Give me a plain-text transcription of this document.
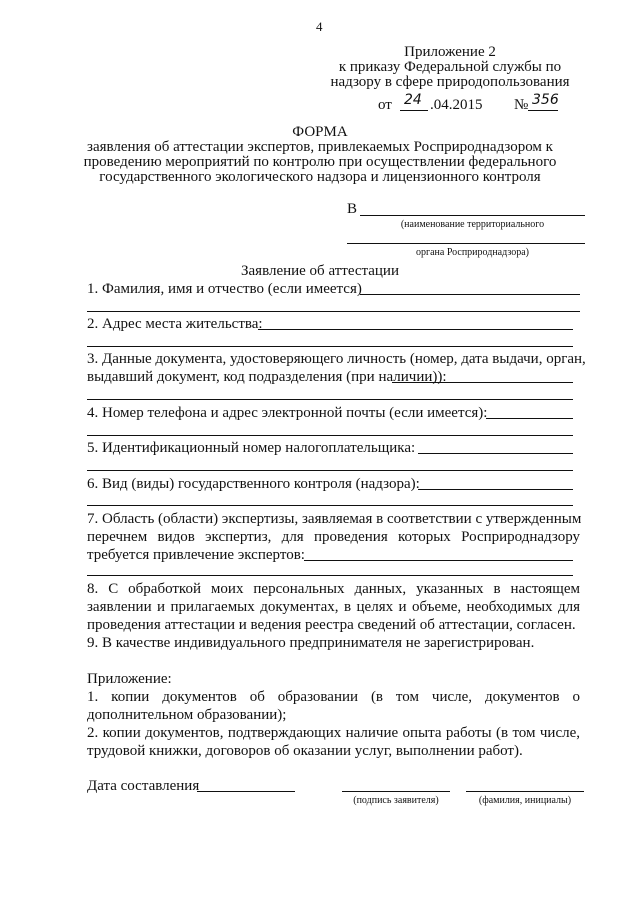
4
Приложение 2
к приказу Федеральной службы по
надзору в сфере природопользования
от 24 .04.2015 № 356
ФОРМА
заявления об аттестации экспертов, привлекаемых Росприроднадзором к
проведению мероприятий по контролю при осуществлении федерального
государственного экологического надзора и лицензионного контроля
В
(наименование территориального
органа Росприроднадзора)
Заявление об аттестации
1. Фамилия, имя и отчество (если имеется)
2. Адрес места жительства:
3. Данные документа, удостоверяющего личность (номер, дата выдачи, орган,
выдавший документ, код подразделения (при наличии)):
4. Номер телефона и адрес электронной почты (если имеется):
5. Идентификационный номер налогоплательщика:
6. Вид (виды) государственного контроля (надзора):
7. Область (области) экспертизы, заявляемая в соответствии с утвержденным
перечнем видов экспертиз, для проведения которых Росприроднадзору
требуется привлечение экспертов:
8. С обработкой моих персональных данных, указанных в настоящем заявлении и прилагаемых документах, в целях и объеме, необходимых для проведения аттестации и ведения реестра сведений об аттестации, согласен.
9. В качестве индивидуального предпринимателя не зарегистрирован.
Приложение:
1. копии документов об образовании (в том числе, документов о дополнительном образовании);
2. копии документов, подтверждающих наличие опыта работы (в том числе, трудовой книжки, договоров об оказании услуг, выполнении работ).
Дата составления
(подпись заявителя)	(фамилия, инициалы)
